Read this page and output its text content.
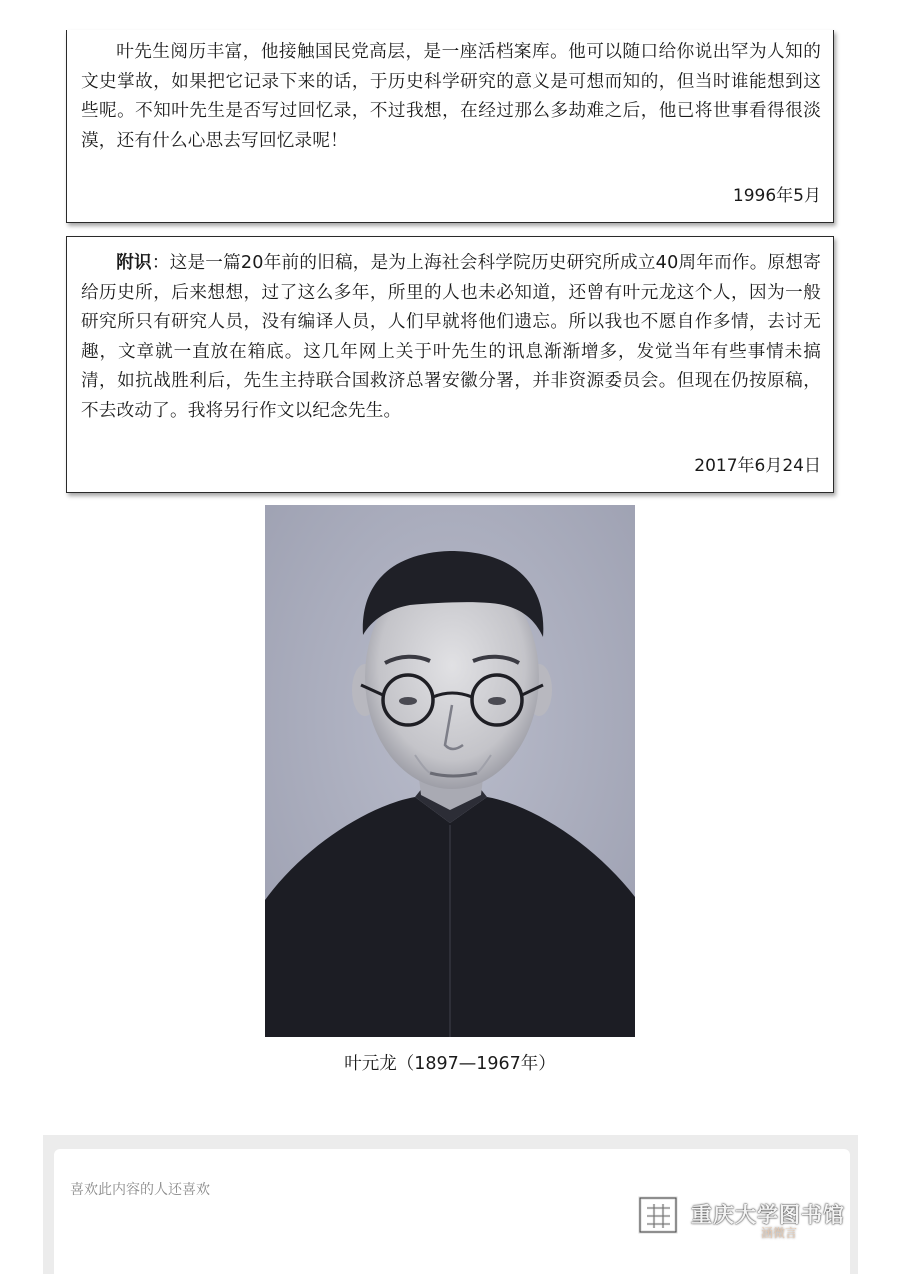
叶先生阅历丰富，他接触国民党高层，是一座活档案库。他可以随口给你说出罕为人知的文史掌故，如果把它记录下来的话，于历史科学研究的意义是可想而知的，但当时谁能想到这些呢。不知叶先生是否写过回忆录，不过我想，在经过那么多劫难之后，他已将世事看得很淡漠，还有什么心思去写回忆录呢！

1996年5月

附识：这是一篇20年前的旧稿，是为上海社会科学院历史研究所成立40周年而作。原想寄给历史所，后来想想，过了这么多年，所里的人也未必知道，还曾有叶元龙这个人，因为一般研究所只有研究人员，没有编译人员，人们早就将他们遗忘。所以我也不愿自作多情，去讨无趣，文章就一直放在箱底。这几年网上关于叶先生的讯息渐渐增多，发觉当年有些事情未搞清，如抗战胜利后，先生主持联合国救济总署安徽分署，并非资源委员会。但现在仍按原稿，不去改动了。我将另行作文以纪念先生。

2017年6月24日
叶元龙（1897—1967年）
喜欢此内容的人还喜欢
重庆大学图书馆
涵微言
